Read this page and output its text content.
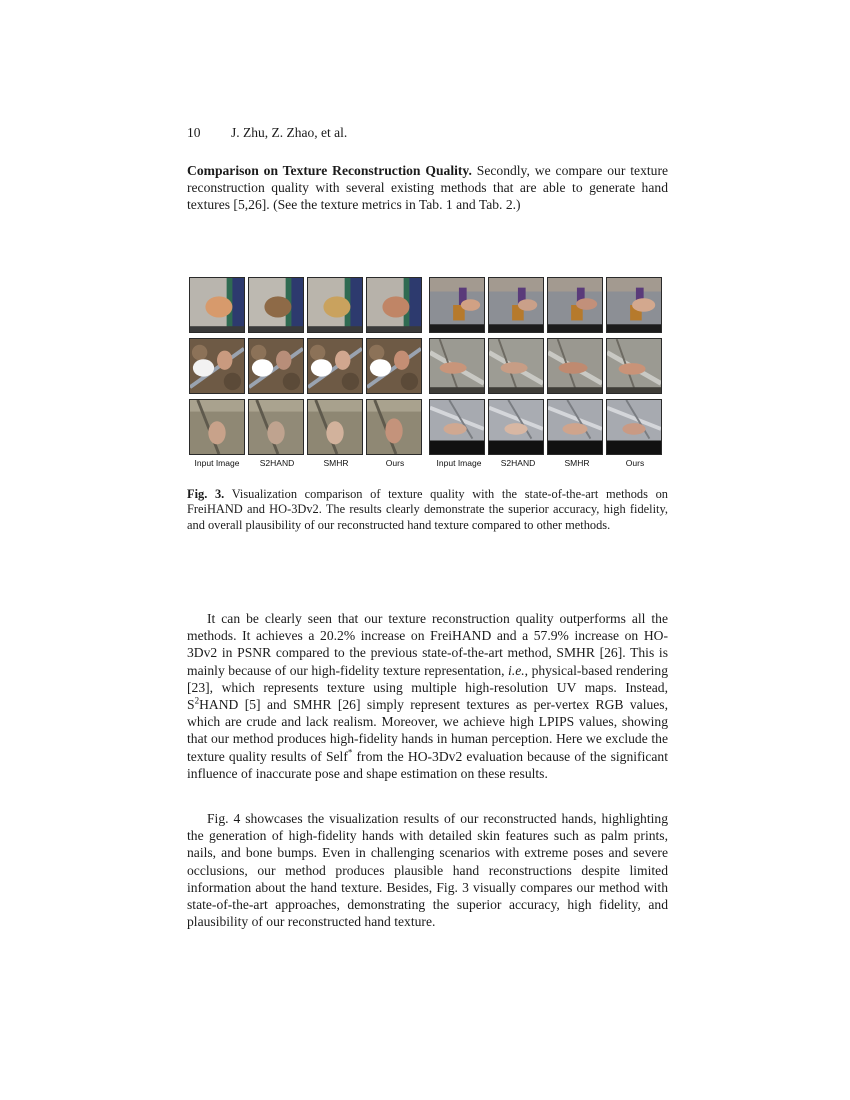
10 J. Zhu, Z. Zhao, et al.

Comparison on Texture Reconstruction Quality. Secondly, we compare our texture reconstruction quality with several existing methods that are able to generate hand textures [5,26]. (See the texture metrics in Tab. 1 and Tab. 2.)

Input Image	S2HAND	SMHR	Ours	Input Image	S2HAND	SMHR	Ours

Fig. 3. Visualization comparison of texture quality with the state-of-the-art methods on FreiHAND and HO-3Dv2. The results clearly demonstrate the superior accuracy, high fidelity, and overall plausibility of our reconstructed hand texture compared to other methods.

It can be clearly seen that our texture reconstruction quality outperforms all the methods. It achieves a 20.2% increase on FreiHAND and a 57.9% increase on HO-3Dv2 in PSNR compared to the previous state-of-the-art method, SMHR [26]. This is mainly because of our high-fidelity texture representation, i.e., physical-based rendering [23], which represents texture using multiple high-resolution UV maps. Instead, $S^2HAND$ [5] and SMHR [26] simply represent textures as per-vertex RGB values, which are crude and lack realism. Moreover, we achieve high LPIPS values, showing that our method produces high-fidelity hands in human perception. Here we exclude the texture quality results of Self* from the HO-3Dv2 evaluation because of the significant influence of inaccurate pose and shape estimation on these results.

Fig. 4 showcases the visualization results of our reconstructed hands, highlighting the generation of high-fidelity hands with detailed skin features such as palm prints, nails, and bone bumps. Even in challenging scenarios with extreme poses and severe occlusions, our method produces plausible hand reconstructions despite limited information about the hand texture. Besides, Fig. 3 visually compares our method with state-of-the-art approaches, demonstrating the superior accuracy, high fidelity, and plausibility of our reconstructed hand texture.
